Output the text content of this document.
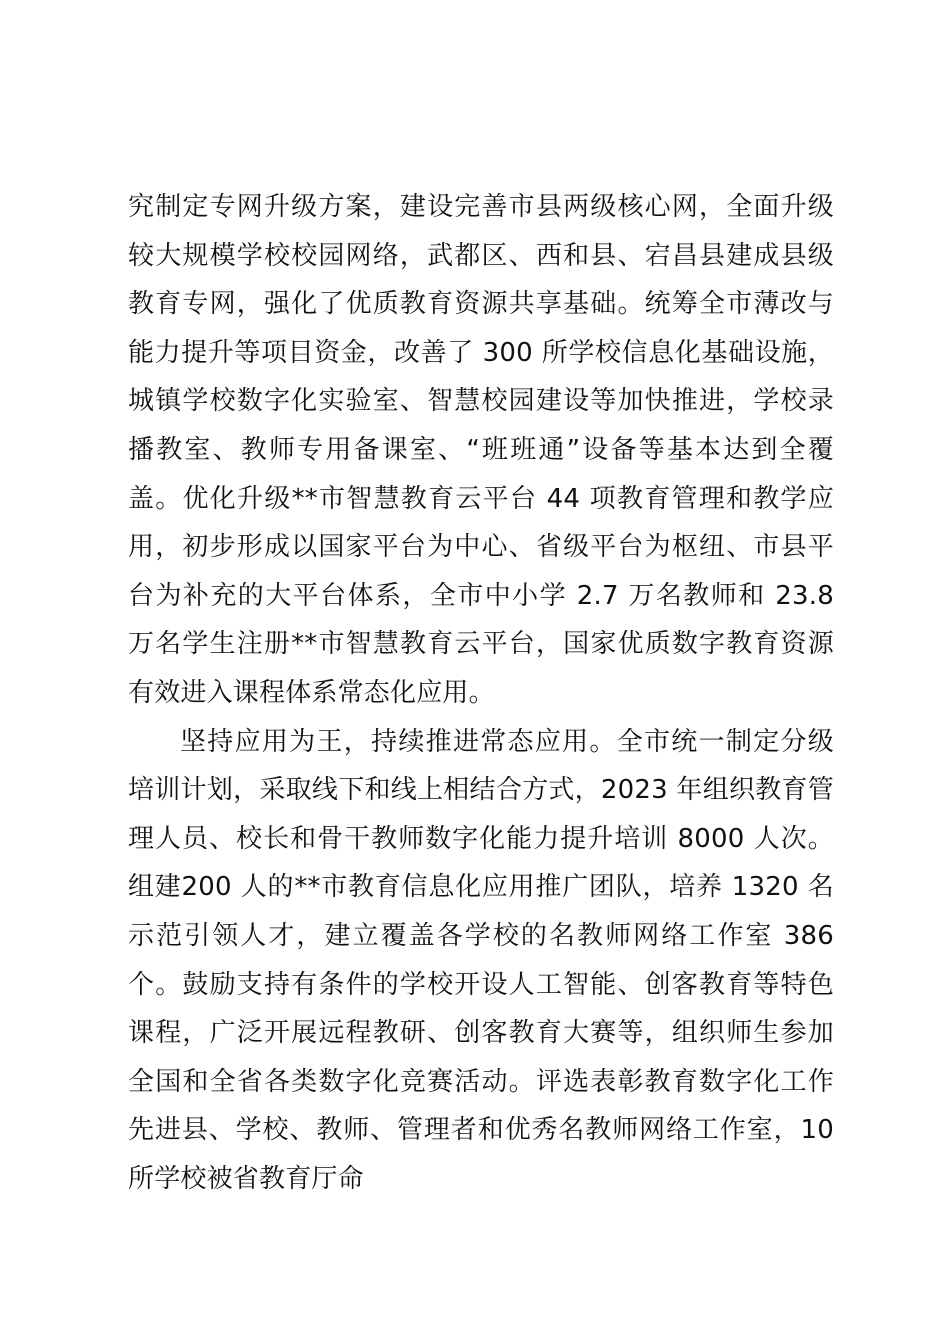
究制定专网升级方案，建设完善市县两级核心网，全面升级较大规模学校校园网络，武都区、西和县、宕昌县建成县级教育专网，强化了优质教育资源共享基础。统筹全市薄改与能力提升等项目资金，改善了 300 所学校信息化基础设施，城镇学校数字化实验室、智慧校园建设等加快推进，学校录播教室、教师专用备课室、“班班通”设备等基本达到全覆盖。优化升级**市智慧教育云平台 44 项教育管理和教学应用，初步形成以国家平台为中心、省级平台为枢纽、市县平台为补充的大平台体系，全市中小学 2.7 万名教师和 23.8 万名学生注册**市智慧教育云平台，国家优质数字教育资源有效进入课程体系常态化应用。

坚持应用为王，持续推进常态应用。全市统一制定分级培训计划，采取线下和线上相结合方式，2023 年组织教育管理人员、校长和骨干教师数字化能力提升培训 8000 人次。组建200 人的**市教育信息化应用推广团队，培养 1320 名示范引领人才，建立覆盖各学校的名教师网络工作室 386 个。鼓励支持有条件的学校开设人工智能、创客教育等特色课程，广泛开展远程教研、创客教育大赛等，组织师生参加全国和全省各类数字化竞赛活动。评选表彰教育数字化工作先进县、学校、教师、管理者和优秀名教师网络工作室，10 所学校被省教育厅命
